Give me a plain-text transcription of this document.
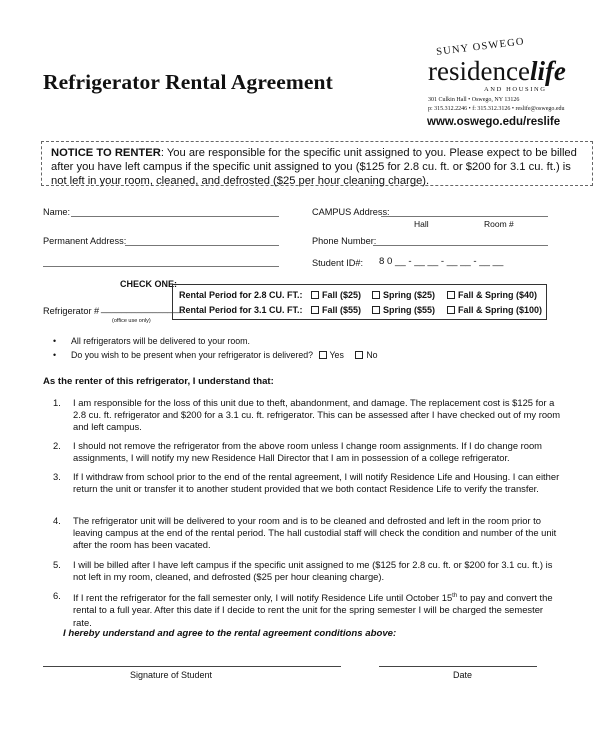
Refrigerator Rental Agreement
SUNY OSWEGO
residencelife
AND HOUSING
301 Culkin Hall • Oswego, NY 13126
p: 315.312.2246 • f: 315.312.3126 • reslife@oswego.edu
www.oswego.edu/reslife
NOTICE TO RENTER: You are responsible for the specific unit assigned to you. Please expect to be billed after you have left campus if the specific unit assigned to you ($125 for 2.8 cu. ft. or $200 for 3.1 cu. ft.) is not left in your room, cleaned, and defrosted ($25 per hour cleaning charge).
Name:	CAMPUS Address:
Hall	Room #
Permanent Address:	Phone Number:
Student ID#: 8 0 __ - __ __ - __ __ - __ __
Refrigerator # ________________
(office use only)
CHECK ONE:
Rental Period for 2.8 CU. FT.:	Fall ($25)	Spring ($25)	Fall & Spring ($40)
Rental Period for 3.1 CU. FT.:	Fall ($55)	Spring ($55)	Fall & Spring ($100)
• All refrigerators will be delivered to your room.
• Do you wish to be present when your refrigerator is delivered? Yes	No
As the renter of this refrigerator, I understand that:
1. I am responsible for the loss of this unit due to theft, abandonment, and damage. The replacement cost is $125 for a 2.8 cu. ft. refrigerator and $200 for a 3.1 cu. ft. refrigerator. This can be assessed after I have checked out of my room and left campus.
2. I should not remove the refrigerator from the above room unless I change room assignments. If I do change room assignments, I will notify my new Residence Hall Director that I am in possession of a college refrigerator.
3. If I withdraw from school prior to the end of the rental agreement, I will notify Residence Life and Housing. I can either return the unit or transfer it to another student provided that we both contact Residence Life to verify the transfer.
4. The refrigerator unit will be delivered to your room and is to be cleaned and defrosted and left in the room prior to leaving campus at the end of the rental period. The hall custodial staff will check the condition and number of the unit after the room has been vacated.
5. I will be billed after I have left campus if the specific unit assigned to me ($125 for 2.8 cu. ft. or $200 for 3.1 cu. ft.) is not left in my room, cleaned, and defrosted ($25 per hour cleaning charge).
6. If I rent the refrigerator for the fall semester only, I will notify Residence Life until October 15th to pay and convert the rental to a full year. After this date if I decide to rent the unit for the spring semester I will be charged the semester rate.
I hereby understand and agree to the rental agreement conditions above:
Signature of Student	Date
